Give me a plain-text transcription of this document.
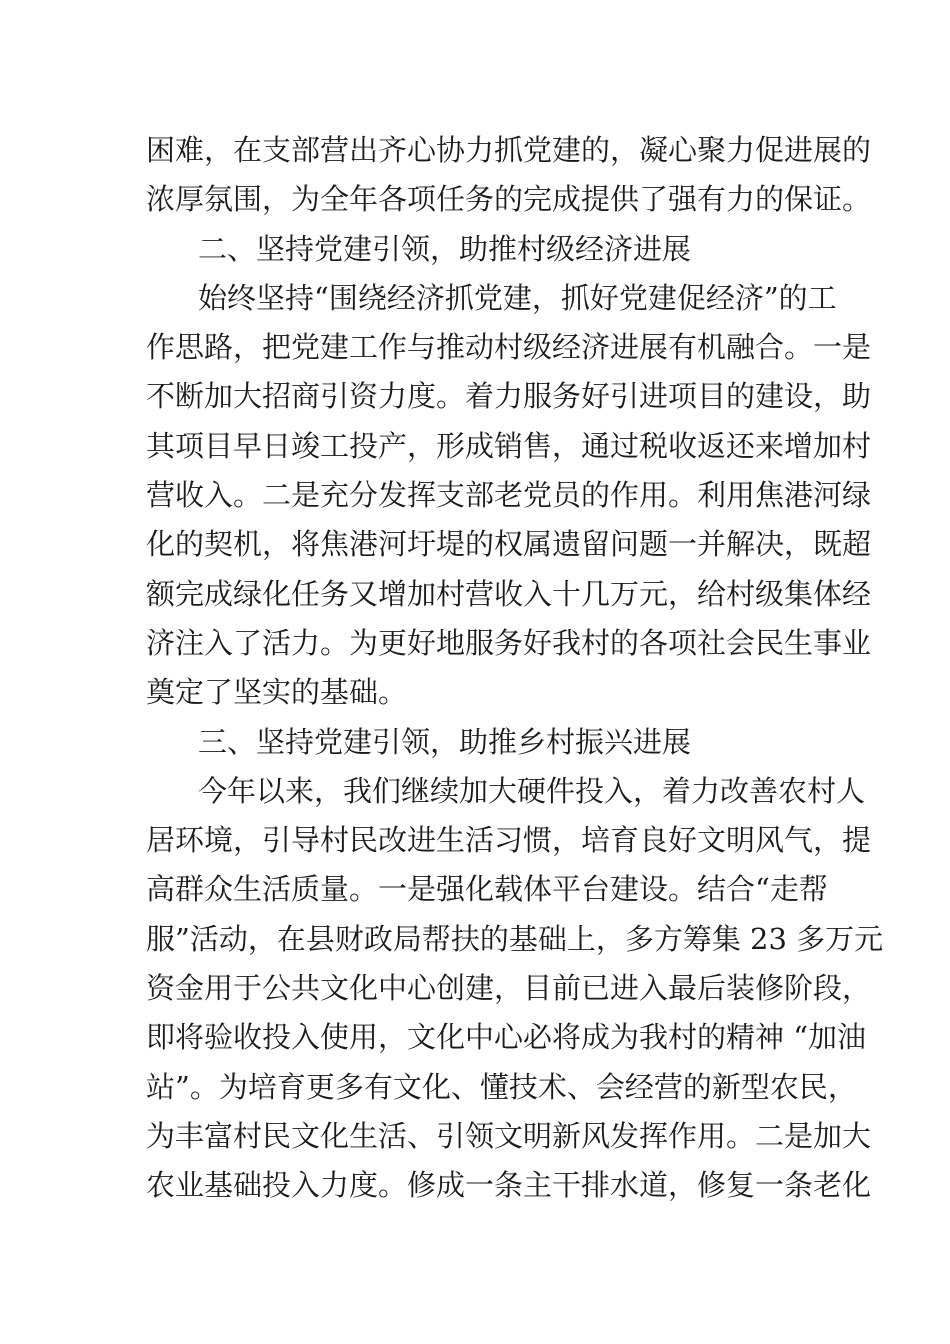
困难，在支部营出齐心协力抓党建的，凝心聚力促进展的
浓厚氛围，为全年各项任务的完成提供了强有力的保证。
二、坚持党建引领，助推村级经济进展
始终坚持“围绕经济抓党建，抓好党建促经济”的工
作思路，把党建工作与推动村级经济进展有机融合。一是
不断加大招商引资力度。着力服务好引进项目的建设，助
其项目早日竣工投产，形成销售，通过税收返还来增加村
营收入。二是充分发挥支部老党员的作用。利用焦港河绿
化的契机，将焦港河圩堤的权属遗留问题一并解决，既超
额完成绿化任务又增加村营收入十几万元，给村级集体经
济注入了活力。为更好地服务好我村的各项社会民生事业
奠定了坚实的基础。
三、坚持党建引领，助推乡村振兴进展
今年以来，我们继续加大硬件投入，着力改善农村人
居环境，引导村民改进生活习惯，培育良好文明风气，提
高群众生活质量。一是强化载体平台建设。结合“走帮
服”活动，在县财政局帮扶的基础上，多方筹集 23 多万元
资金用于公共文化中心创建，目前已进入最后装修阶段，
即将验收投入使用，文化中心必将成为我村的精神 “加油
站”。为培育更多有文化、懂技术、会经营的新型农民，
为丰富村民文化生活、引领文明新风发挥作用。二是加大
农业基础投入力度。修成一条主干排水道，修复一条老化
